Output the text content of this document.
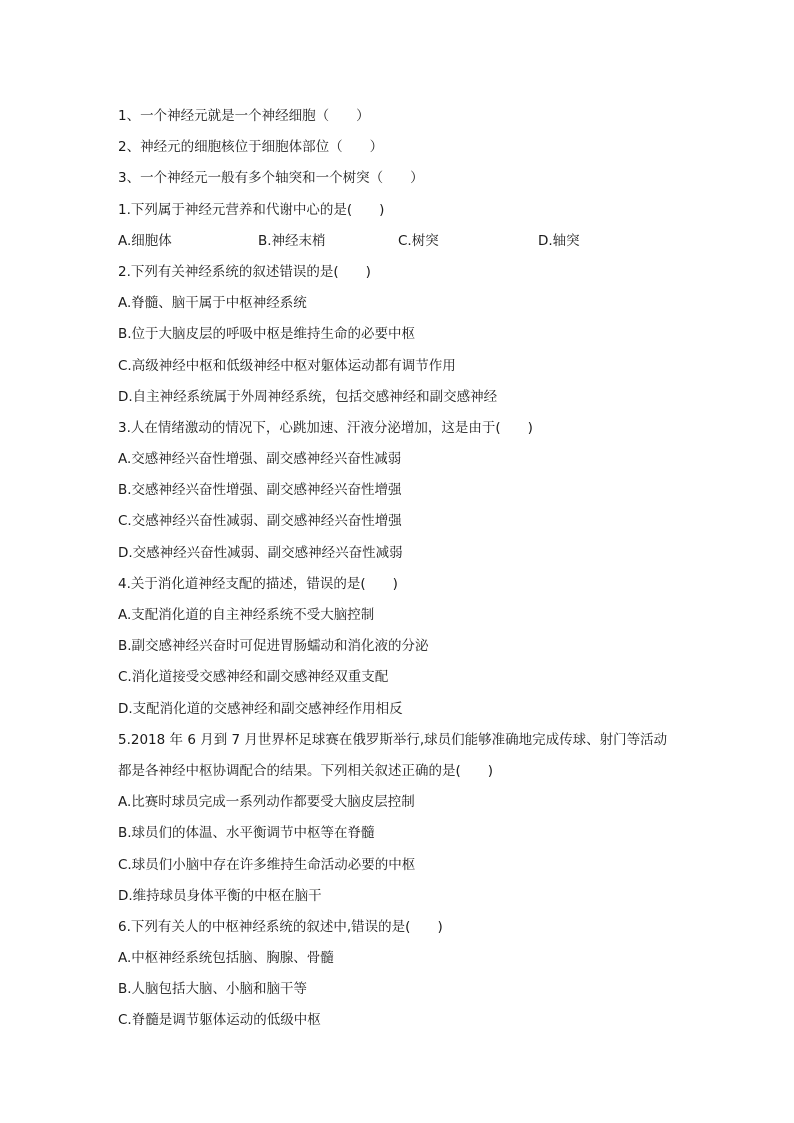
1、一个神经元就是一个神经细胞（　　）
2、神经元的细胞核位于细胞体部位（　　）
3、一个神经元一般有多个轴突和一个树突（　　）
1.下列属于神经元营养和代谢中心的是(　　)
A.细胞体	B.神经末梢	C.树突	D.轴突
2.下列有关神经系统的叙述错误的是(　　)
A.脊髓、脑干属于中枢神经系统
B.位于大脑皮层的呼吸中枢是维持生命的必要中枢
C.高级神经中枢和低级神经中枢对躯体运动都有调节作用
D.自主神经系统属于外周神经系统，包括交感神经和副交感神经
3.人在情绪激动的情况下，心跳加速、汗液分泌增加，这是由于(　　)
A.交感神经兴奋性增强、副交感神经兴奋性减弱
B.交感神经兴奋性增强、副交感神经兴奋性增强
C.交感神经兴奋性减弱、副交感神经兴奋性增强
D.交感神经兴奋性减弱、副交感神经兴奋性减弱
4.关于消化道神经支配的描述，错误的是(　　)
A.支配消化道的自主神经系统不受大脑控制
B.副交感神经兴奋时可促进胃肠蠕动和消化液的分泌
C.消化道接受交感神经和副交感神经双重支配
D.支配消化道的交感神经和副交感神经作用相反
5.2018 年 6 月到 7 月世界杯足球赛在俄罗斯举行,球员们能够准确地完成传球、射门等活动
都是各神经中枢协调配合的结果。下列相关叙述正确的是(　　)
A.比赛时球员完成一系列动作都要受大脑皮层控制
B.球员们的体温、水平衡调节中枢等在脊髓
C.球员们小脑中存在许多维持生命活动必要的中枢
D.维持球员身体平衡的中枢在脑干
6.下列有关人的中枢神经系统的叙述中,错误的是(　　)
A.中枢神经系统包括脑、胸腺、骨髓
B.人脑包括大脑、小脑和脑干等
C.脊髓是调节躯体运动的低级中枢
